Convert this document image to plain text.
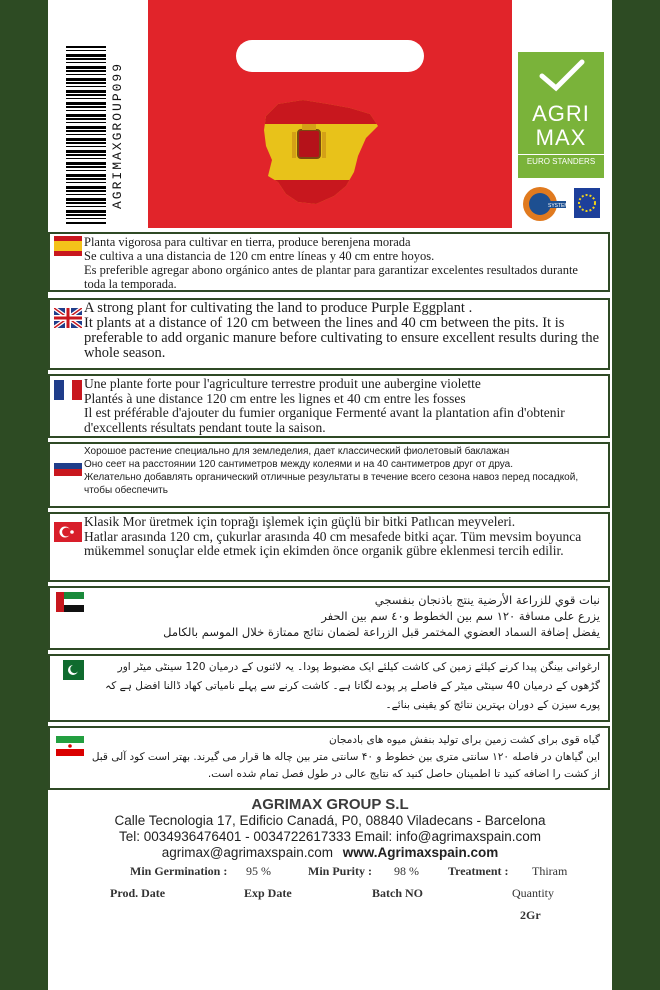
AGRIMAXGROUP099	AGRI
MAX
EURO STANDERS
SYSTEMS
Planta vigorosa para cultivar en tierra, produce berenjena morada
Se cultiva a una distancia de 120 cm entre líneas y 40 cm entre hoyos.
Es preferible agregar abono orgánico antes de plantar para garantizar excelentes resultados durante toda la temporada.
A strong plant for cultivating the land to produce Purple Eggplant .
It plants at a distance of 120 cm between the lines and 40 cm between the pits. It is preferable to add organic manure before cultivating to ensure excellent results during the whole season.
Une plante forte pour l'agriculture terrestre produit une aubergine violette
Plantés à une distance 120 cm entre les lignes et 40 cm entre les fosses
Il est préférable d'ajouter du fumier organique Fermenté avant la plantation afin d'obtenir d'excellents résultats pendant toute la saison.
Хорошое растение специально для земледелия, дает классический фиолетовый баклажан
Оно сеет на расстоянии 120 сантиметров между колеями и на 40 сантиметров друг от друа.
Желательно добавлять органический отличные результаты в течение всего сезона навоз перед посадкой, чтобы обеспечить
Klasik Mor üretmek için toprağı işlemek için güçlü bir bitki Patlıcan meyveleri.
Hatlar arasında 120 cm, çukurlar arasında 40 cm mesafede bitki açar. Tüm mevsim boyunca mükemmel sonuçlar elde etmek için ekimden önce organik gübre eklenmesi tercih edilir.
نبات قوي للزراعة الأرضية ينتج باذنجان بنفسجي
يزرع على مسافة ١٢٠ سم بين الخطوط و٤٠ سم بين الحفر
يفضل إضافة السماد العضوي المختمر قبل الزراعة لضمان نتائج ممتازة خلال الموسم بالكامل
ارغوانی بینگن پیدا کرنے کیلئے زمین کی کاشت کیلئے ایک مضبوط پودا۔ یہ لائنوں کے درمیان 120 سینٹی میٹر اور گڑھوں کے درمیان 40 سینٹی میٹر کے فاصلے پر پودے لگاتا ہے۔ کاشت کرنے سے پہلے نامیاتی کھاد ڈالنا افضل ہے کہ پورے سیزن کے دوران بہترین نتائج کو یقینی بنائے۔
گیاه قوی برای کشت زمین برای تولید بنفش میوه های بادمجان
این گیاهان در فاصله ۱۲۰ سانتی متری بین خطوط و ۴۰ سانتی متر بین چاله ها قرار می گیرند. بهتر است کود آلی قبل از کشت را اضافه کنید تا اطمینان حاصل کنید که نتایج عالی در طول فصل تمام شده است.
AGRIMAX GROUP S.L
Calle Tecnologia 17, Edificio Canadá, P0, 08840 Viladecans - Barcelona
Tel: 0034936476401 - 0034722617333 Email: info@agrimaxspain.com
agrimax@agrimaxspain.com www.Agrimaxspain.com
Min Germination : 95 %	Min Purity : 98 % Treatment : Thiram
Prod. Date	Exp Date	Batch NO	Quantity
2Gr
